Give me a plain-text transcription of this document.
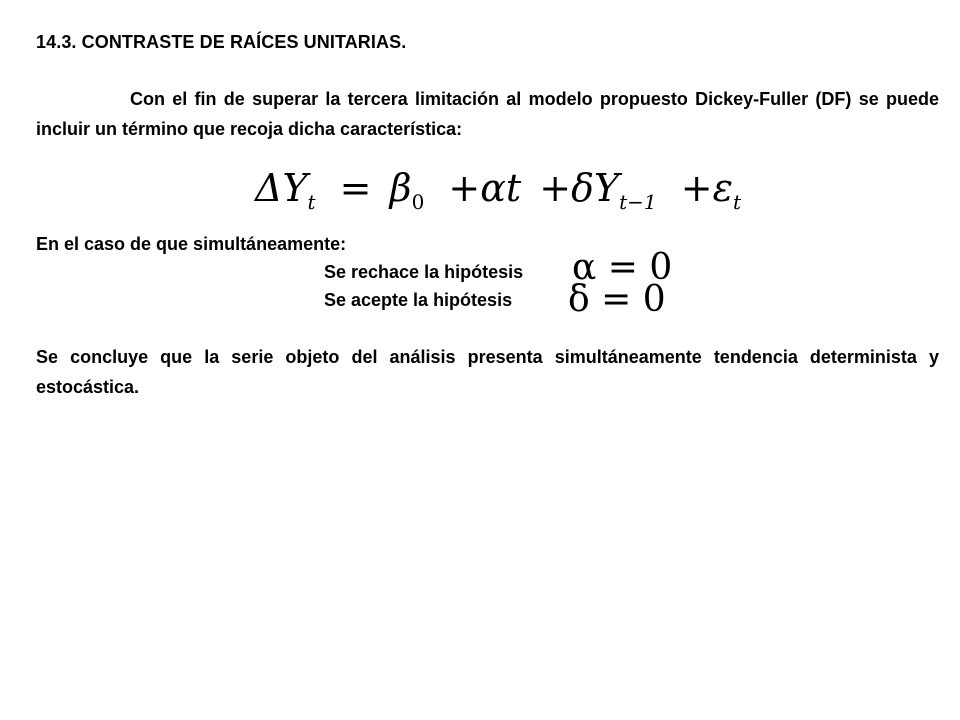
14.3. CONTRASTE DE RAÍCES UNITARIAS.
Con el fin de superar la tercera limitación al modelo propuesto Dickey-Fuller (DF) se puede incluir un término que recoja dicha característica:
$\Delta Y_t = \beta_0 +\alpha t +\delta Y_{t-1} +\varepsilon_t$
En el caso de que simultáneamente:
Se rechace la hipótesis α = 0
Se acepte la hipótesis δ = 0
Se concluye que la serie objeto del análisis presenta simultáneamente tendencia determinista y estocástica.
